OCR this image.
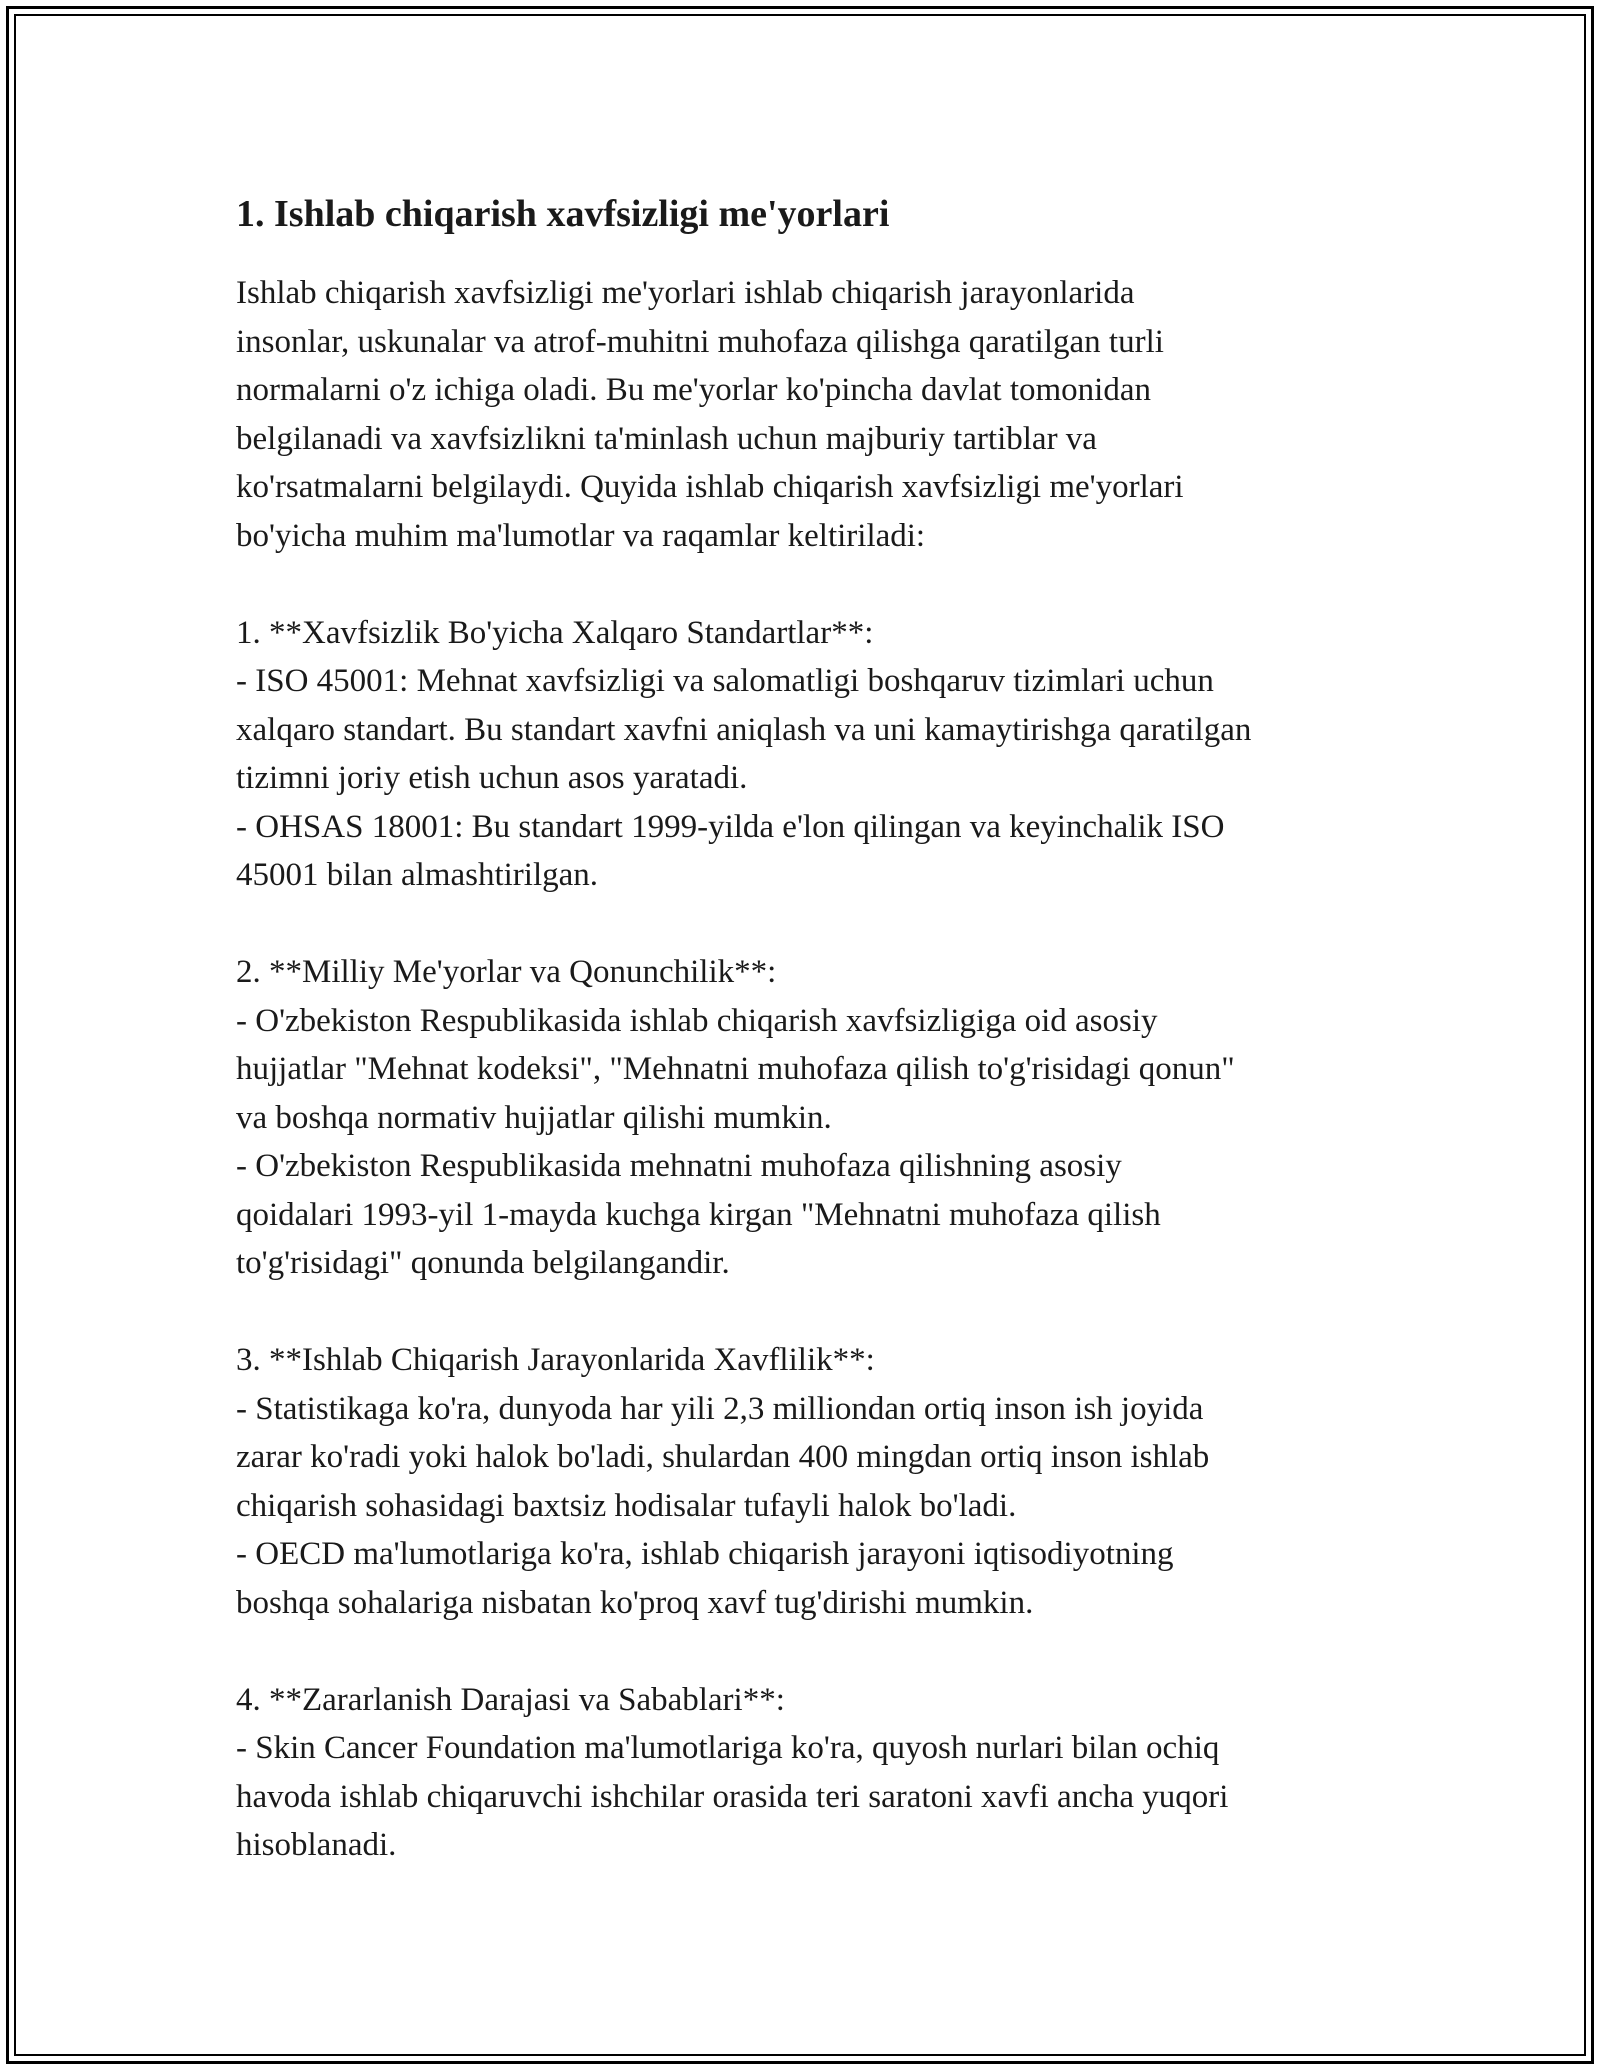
1. Ishlab chiqarish xavfsizligi me'yorlari

Ishlab chiqarish xavfsizligi me'yorlari ishlab chiqarish jarayonlarida
insonlar, uskunalar va atrof-muhitni muhofaza qilishga qaratilgan turli
normalarni o'z ichiga oladi. Bu me'yorlar ko'pincha davlat tomonidan
belgilanadi va xavfsizlikni ta'minlash uchun majburiy tartiblar va
ko'rsatmalarni belgilaydi. Quyida ishlab chiqarish xavfsizligi me'yorlari
bo'yicha muhim ma'lumotlar va raqamlar keltiriladi:

1. **Xavfsizlik Bo'yicha Xalqaro Standartlar**:
- ISO 45001: Mehnat xavfsizligi va salomatligi boshqaruv tizimlari uchun
xalqaro standart. Bu standart xavfni aniqlash va uni kamaytirishga qaratilgan
tizimni joriy etish uchun asos yaratadi.
- OHSAS 18001: Bu standart 1999-yilda e'lon qilingan va keyinchalik ISO
45001 bilan almashtirilgan.

2. **Milliy Me'yorlar va Qonunchilik**:
- O'zbekiston Respublikasida ishlab chiqarish xavfsizligiga oid asosiy
hujjatlar "Mehnat kodeksi", "Mehnatni muhofaza qilish to'g'risidagi qonun"
va boshqa normativ hujjatlar qilishi mumkin.
- O'zbekiston Respublikasida mehnatni muhofaza qilishning asosiy
qoidalari 1993-yil 1-mayda kuchga kirgan "Mehnatni muhofaza qilish
to'g'risidagi" qonunda belgilangandir.

3. **Ishlab Chiqarish Jarayonlarida Xavflilik**:
- Statistikaga ko'ra, dunyoda har yili 2,3 milliondan ortiq inson ish joyida
zarar ko'radi yoki halok bo'ladi, shulardan 400 mingdan ortiq inson ishlab
chiqarish sohasidagi baxtsiz hodisalar tufayli halok bo'ladi.
- OECD ma'lumotlariga ko'ra, ishlab chiqarish jarayoni iqtisodiyotning
boshqa sohalariga nisbatan ko'proq xavf tug'dirishi mumkin.

4. **Zararlanish Darajasi va Sabablari**:
- Skin Cancer Foundation ma'lumotlariga ko'ra, quyosh nurlari bilan ochiq
havoda ishlab chiqaruvchi ishchilar orasida teri saratoni xavfi ancha yuqori
hisoblanadi.
